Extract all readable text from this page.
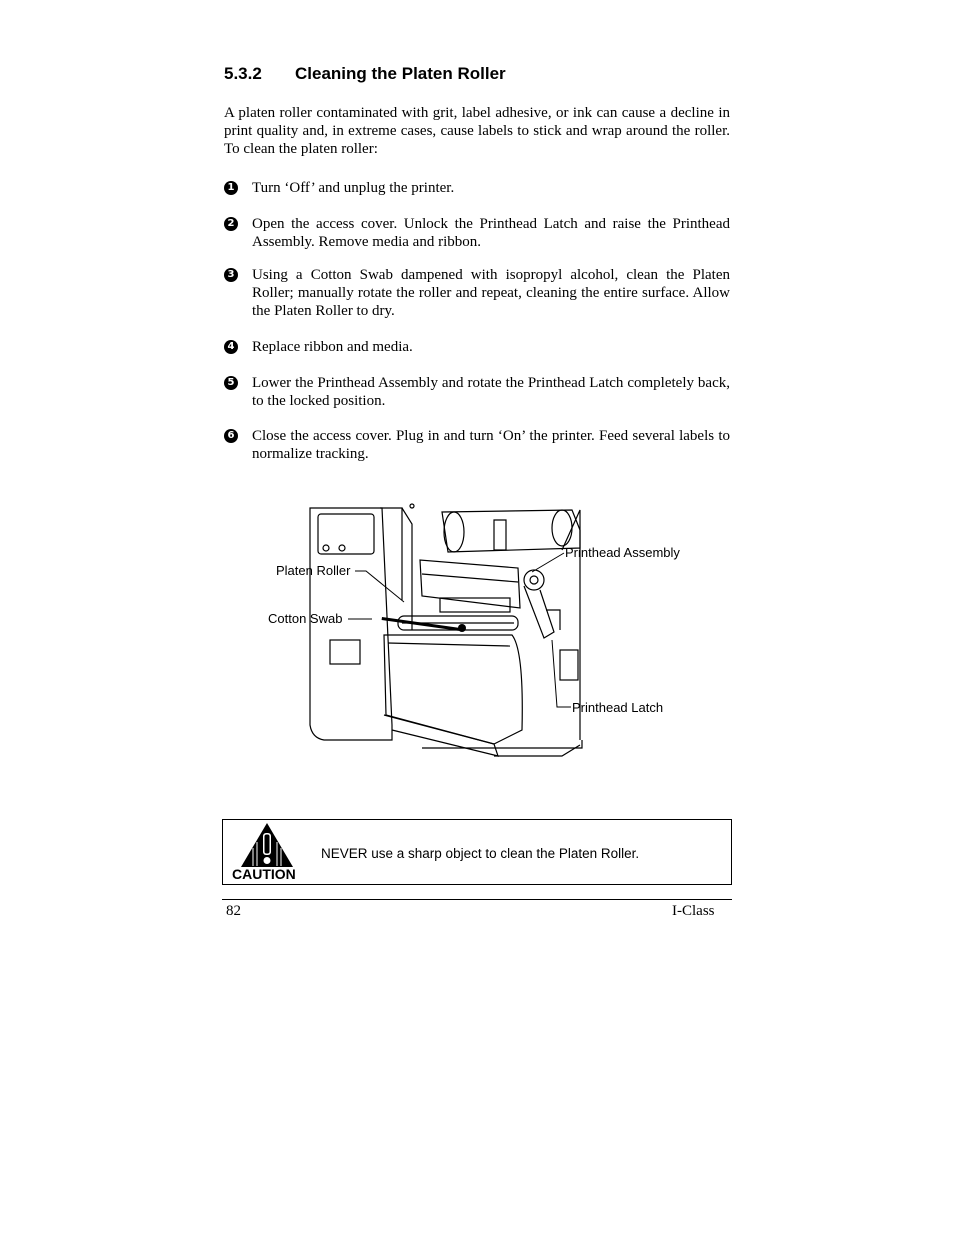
5.3.2 Cleaning the Platen Roller
A platen roller contaminated with grit, label adhesive, or ink can cause a decline in print quality and, in extreme cases, cause labels to stick and wrap around the roller. To clean the platen roller:
1 Turn ‘Off’ and unplug the printer.
2 Open the access cover. Unlock the Printhead Latch and raise the Printhead Assembly. Remove media and ribbon.
3 Using a Cotton Swab dampened with isopropyl alcohol, clean the Platen Roller; manually rotate the roller and repeat, cleaning the entire surface. Allow the Platen Roller to dry.
4 Replace ribbon and media.
5 Lower the Printhead Assembly and rotate the Printhead Latch completely back, to the locked position.
6 Close the access cover. Plug in and turn ‘On’ the printer. Feed several labels to normalize tracking.
Platen Roller
Cotton Swab
Printhead Assembly
Printhead Latch
CAUTION
NEVER use a sharp object to clean the Platen Roller.
82	I-Class
